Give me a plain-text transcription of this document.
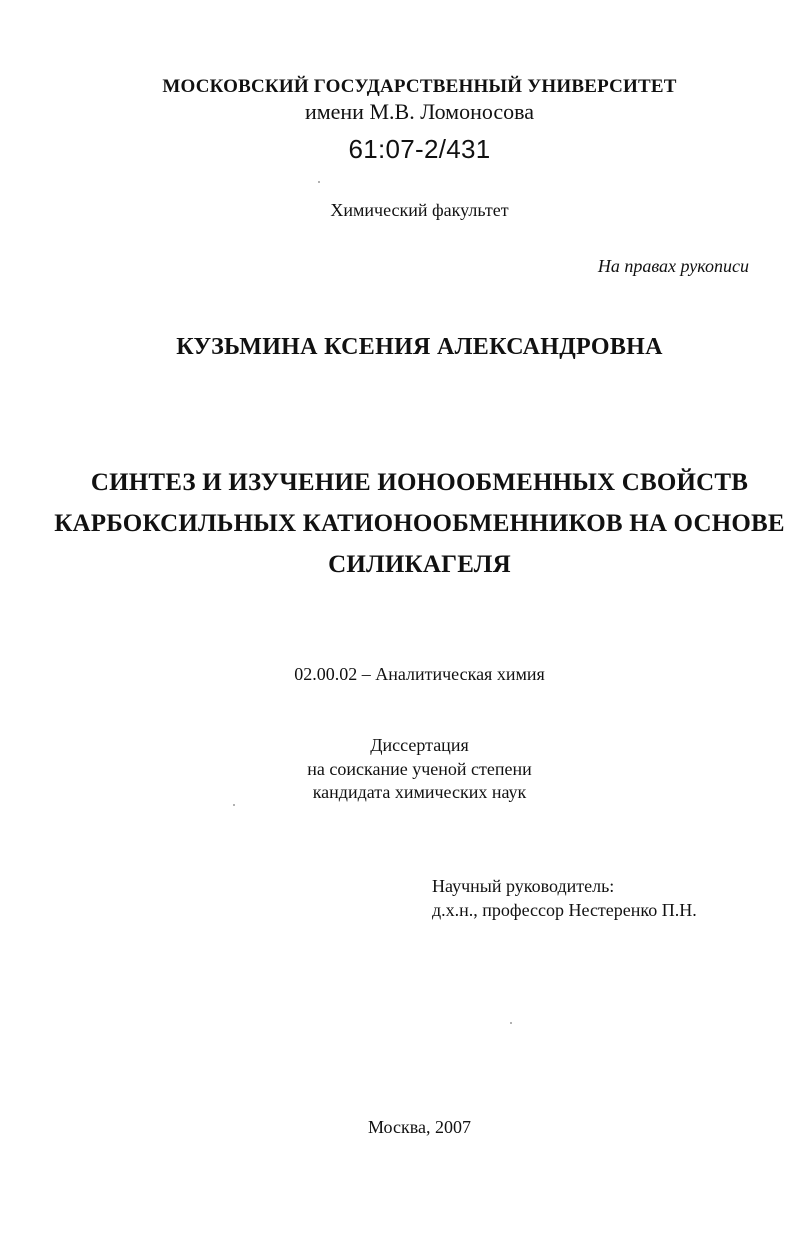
МОСКОВСКИЙ ГОСУДАРСТВЕННЫЙ УНИВЕРСИТЕТ
имени М.В. Ломоносова
61:07-2/431
Химический факультет
На правах рукописи
КУЗЬМИНА КСЕНИЯ АЛЕКСАНДРОВНА
СИНТЕЗ И ИЗУЧЕНИЕ ИОНООБМЕННЫХ СВОЙСТВ
КАРБОКСИЛЬНЫХ КАТИОНООБМЕННИКОВ НА ОСНОВЕ
СИЛИКАГЕЛЯ
02.00.02 – Аналитическая химия
Диссертация
на соискание ученой степени
кандидата химических наук
Научный руководитель:
д.х.н., профессор Нестеренко П.Н.
Москва, 2007
